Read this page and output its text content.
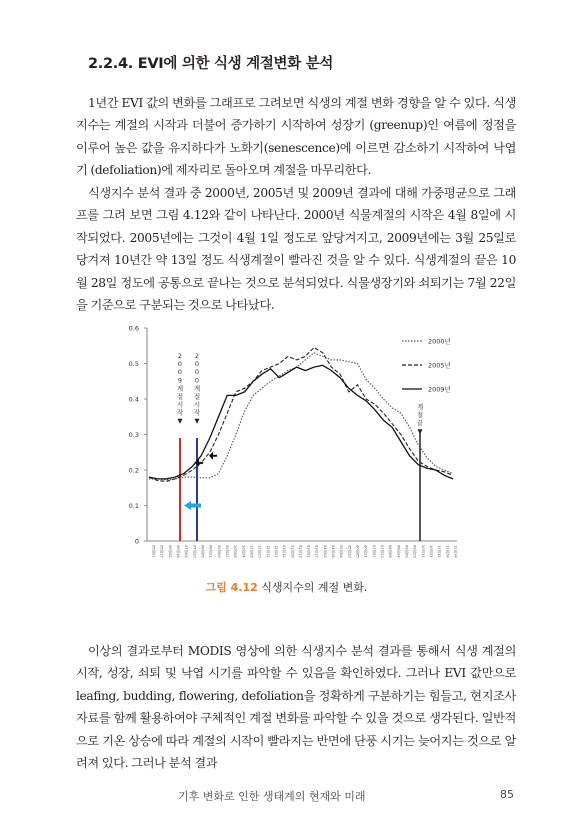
2.2.4. EVI에 의한 식생 계절변화 분석
1년간 EVI 값의 변화를 그래프로 그려보면 식생의 계절 변화 경향을 알 수 있다. 식생지수는 계절의 시작과 더불어 증가하기 시작하여 성장기 (greenup)인 여름에 정점을 이루어 높은 값을 유지하다가 노화기(senescence)에 이르면 감소하기 시작하여 낙엽기 (defoliation)에 제자리로 돌아오며 계절을 마무리한다.
식생지수 분석 결과 중 2000년, 2005년 및 2009년 결과에 대해 가중평균으로 그래프를 그려 보면 그림 4.12와 같이 나타난다. 2000년 식물계절의 시작은 4월 8일에 시작되었다. 2005년에는 그것이 4월 1일 정도로 앞당겨지고, 2009년에는 3월 25일로 당겨져 10년간 약 13일 정도 식생계절이 빨라진 것을 알 수 있다. 식생계절의 끝은 10월 28일 정도에 공통으로 끝나는 것으로 분석되었다. 식물생장기와 쇠퇴기는 7월 22일을 기준으로 구분되는 것으로 나타났다.
0
0.1
0.2
0.3
0.4
0.5
0.6
05월01 05월17 06월02 06월18 07월04 07월20 08월05 08월21 09월06 09월22 10월08 10월24 11월09 11월25 12월11 12월27 01월12 01월28 02월13 03월01 03월17 04월02 04월18 05월04 05월20 06월05 06월21 07월07 07월23 08월08 08월24 09월09 09월25 10월11 10월27 11월12 11월28 12월14
2
0
0
9
계
절
시
작
2
0
0
0
계
절
시
작
계
절
끝
2000년
2005년
2009년
그림 4.12 식생지수의 계절 변화.
이상의 결과로부터 MODIS 영상에 의한 식생지수 분석 결과를 통해서 식생 계절의 시작, 성장, 쇠퇴 및 낙엽 시기를 파악할 수 있음을 확인하였다. 그러나 EVI 값만으로 leafing, budding, flowering, defoliation을 정확하게 구분하기는 힘들고, 현지조사 자료를 함께 활용하여야 구체적인 계절 변화를 파악할 수 있을 것으로 생각된다. 일반적으로 기온 상승에 따라 계절의 시작이 빨라지는 반면에 단풍 시기는 늦어지는 것으로 알려져 있다. 그러나 분석 결과
기후 변화로 인한 생태계의 현재와 미래	85
